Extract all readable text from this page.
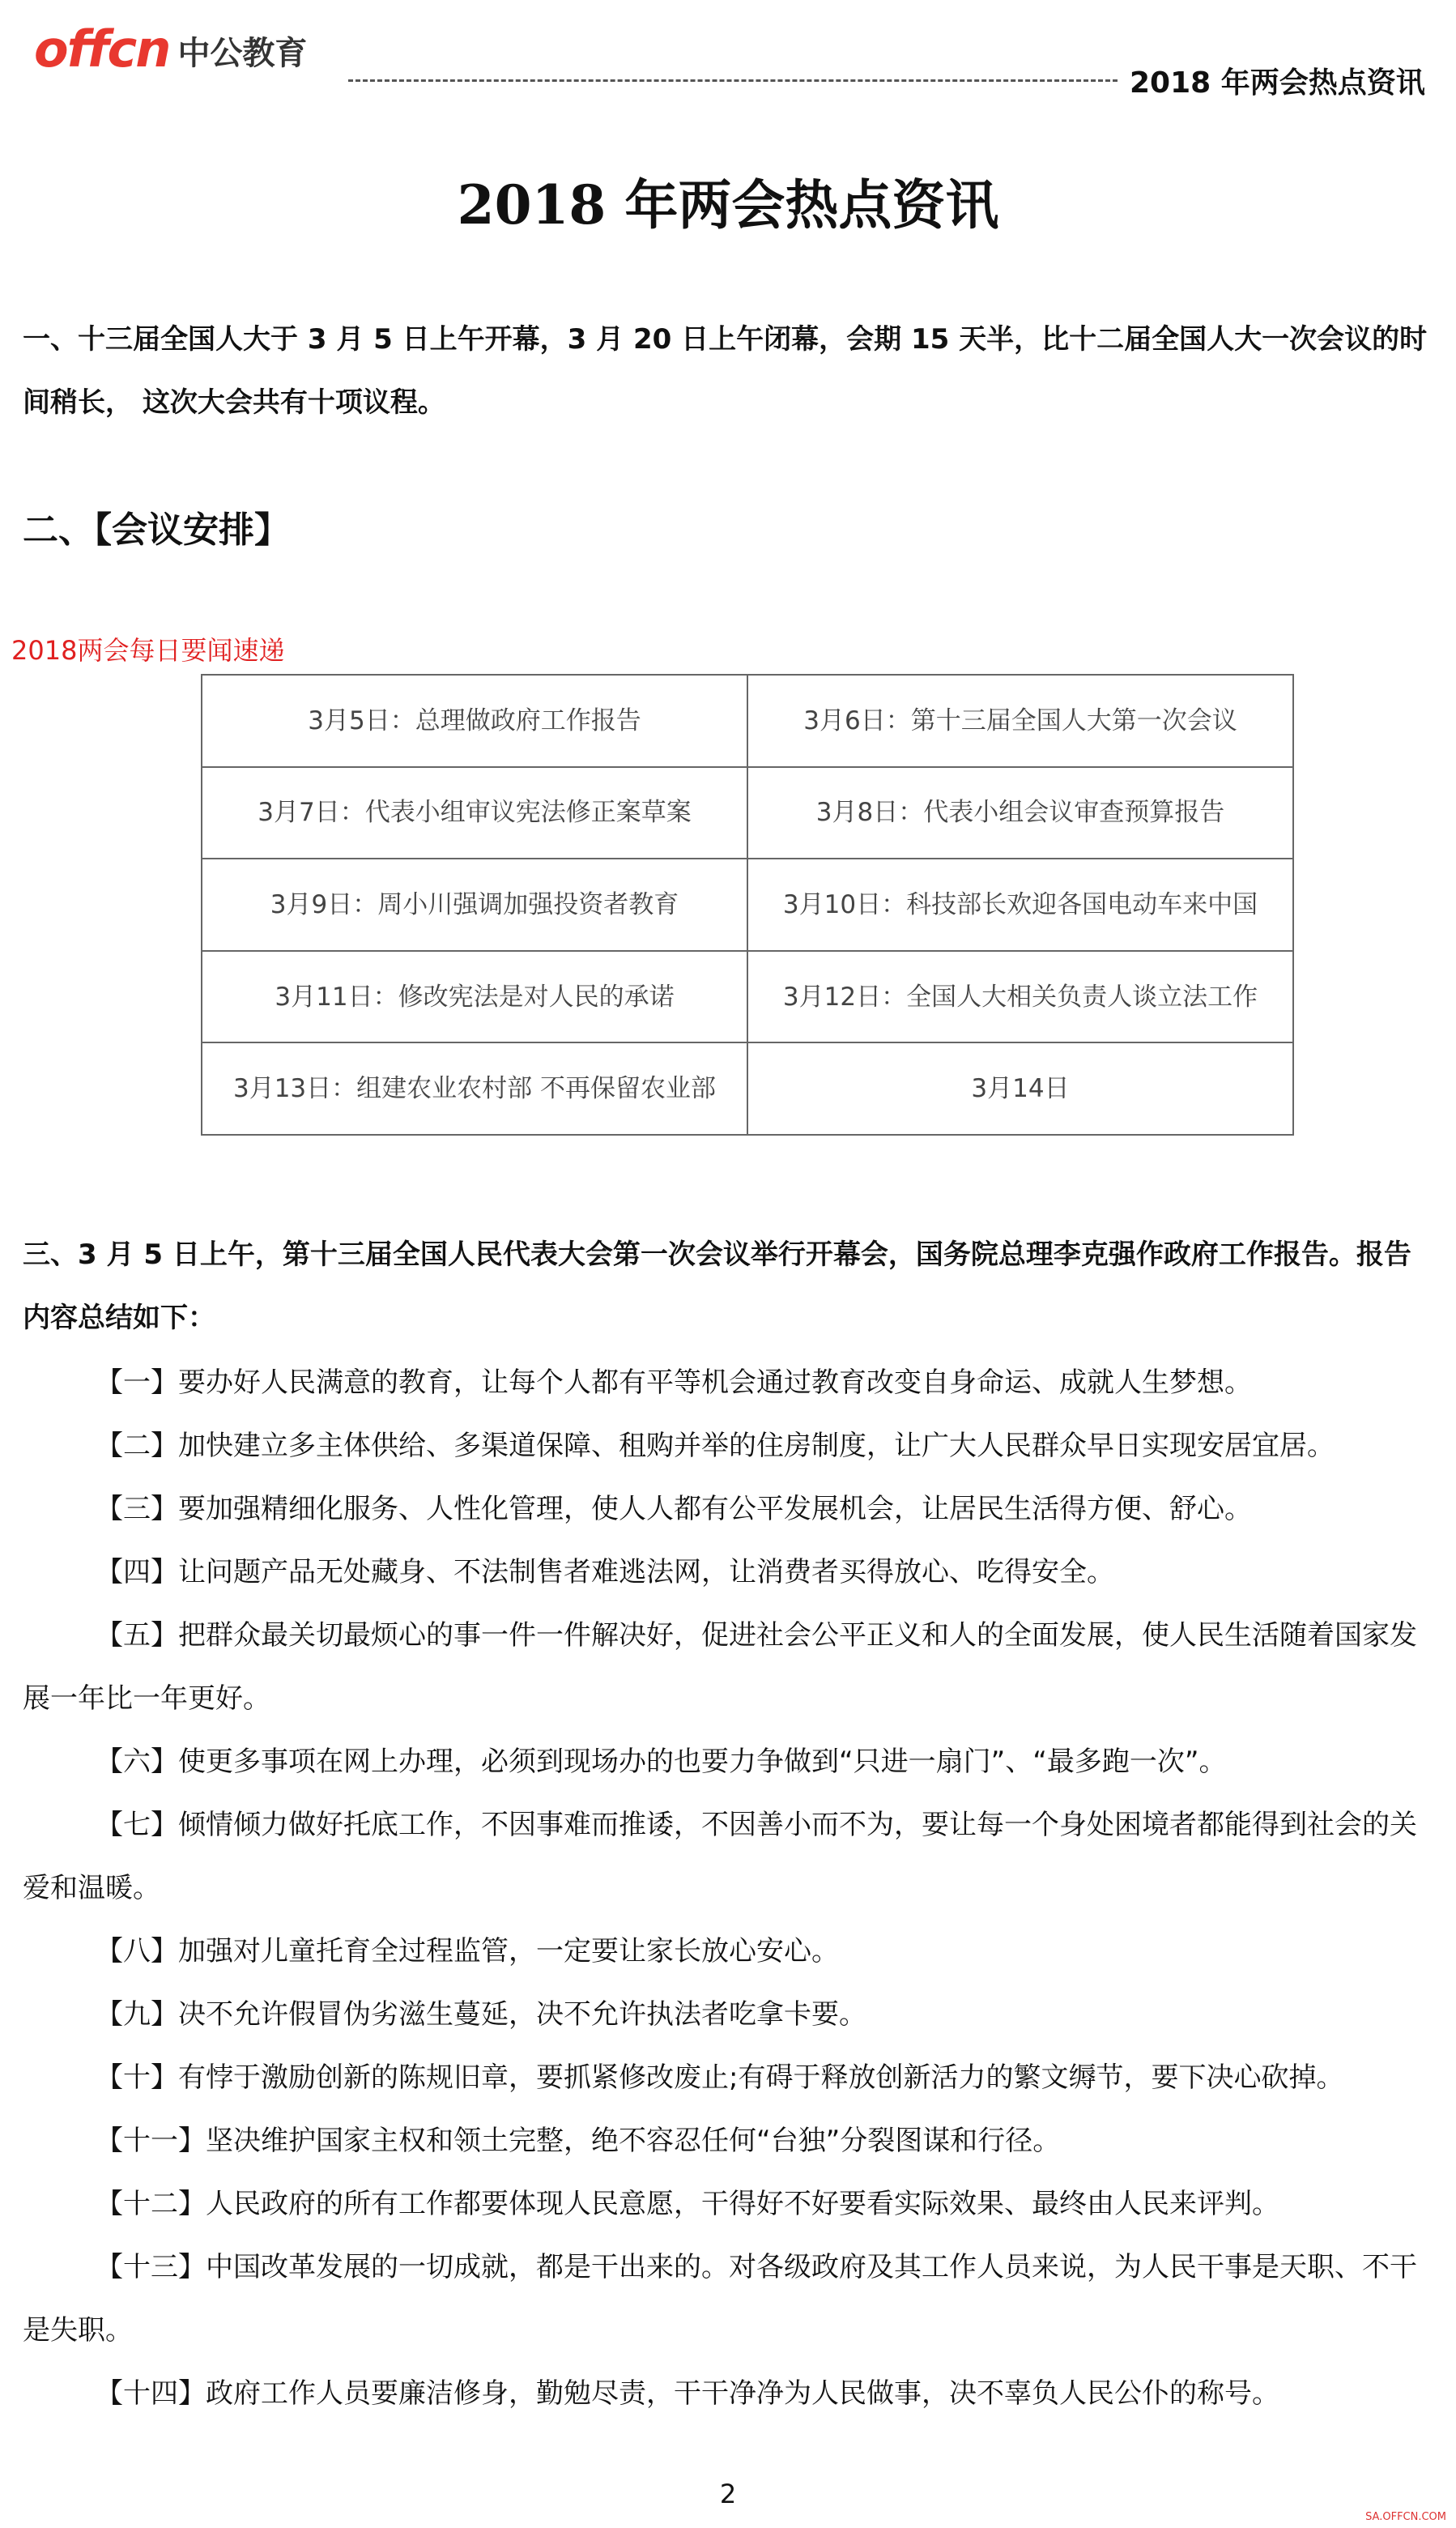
offcn 中公教育
2018 年两会热点资讯
2018 年两会热点资讯
一、十三届全国人大于 3 月 5 日上午开幕，3 月 20 日上午闭幕，会期 15 天半，比十二届全国人大一次会议的时间稍长， 这次大会共有十项议程。
二、【会议安排】
2018两会每日要闻速递
3月5日：总理做政府工作报告	3月6日：第十三届全国人大第一次会议
3月7日：代表小组审议宪法修正案草案	3月8日：代表小组会议审查预算报告
3月9日：周小川强调加强投资者教育	3月10日：科技部长欢迎各国电动车来中国
3月11日：修改宪法是对人民的承诺	3月12日：全国人大相关负责人谈立法工作
3月13日：组建农业农村部 不再保留农业部	3月14日
三、3 月 5 日上午，第十三届全国人民代表大会第一次会议举行开幕会，国务院总理李克强作政府工作报告。报告内容总结如下：
【一】要办好人民满意的教育，让每个人都有平等机会通过教育改变自身命运、成就人生梦想。
【二】加快建立多主体供给、多渠道保障、租购并举的住房制度，让广大人民群众早日实现安居宜居。
【三】要加强精细化服务、人性化管理，使人人都有公平发展机会，让居民生活得方便、舒心。
【四】让问题产品无处藏身、不法制售者难逃法网，让消费者买得放心、吃得安全。
【五】把群众最关切最烦心的事一件一件解决好，促进社会公平正义和人的全面发展，使人民生活随着国家发展一年比一年更好。
【六】使更多事项在网上办理，必须到现场办的也要力争做到“只进一扇门”、“最多跑一次”。
【七】倾情倾力做好托底工作，不因事难而推诿，不因善小而不为，要让每一个身处困境者都能得到社会的关爱和温暖。
【八】加强对儿童托育全过程监管，一定要让家长放心安心。
【九】决不允许假冒伪劣滋生蔓延，决不允许执法者吃拿卡要。
【十】有悖于激励创新的陈规旧章，要抓紧修改废止;有碍于释放创新活力的繁文缛节，要下决心砍掉。
【十一】坚决维护国家主权和领土完整，绝不容忍任何“台独”分裂图谋和行径。
【十二】人民政府的所有工作都要体现人民意愿，干得好不好要看实际效果、最终由人民来评判。
【十三】中国改革发展的一切成就，都是干出来的。对各级政府及其工作人员来说，为人民干事是天职、不干是失职。
【十四】政府工作人员要廉洁修身，勤勉尽责，干干净净为人民做事，决不辜负人民公仆的称号。
2
SA.OFFCN.COM
